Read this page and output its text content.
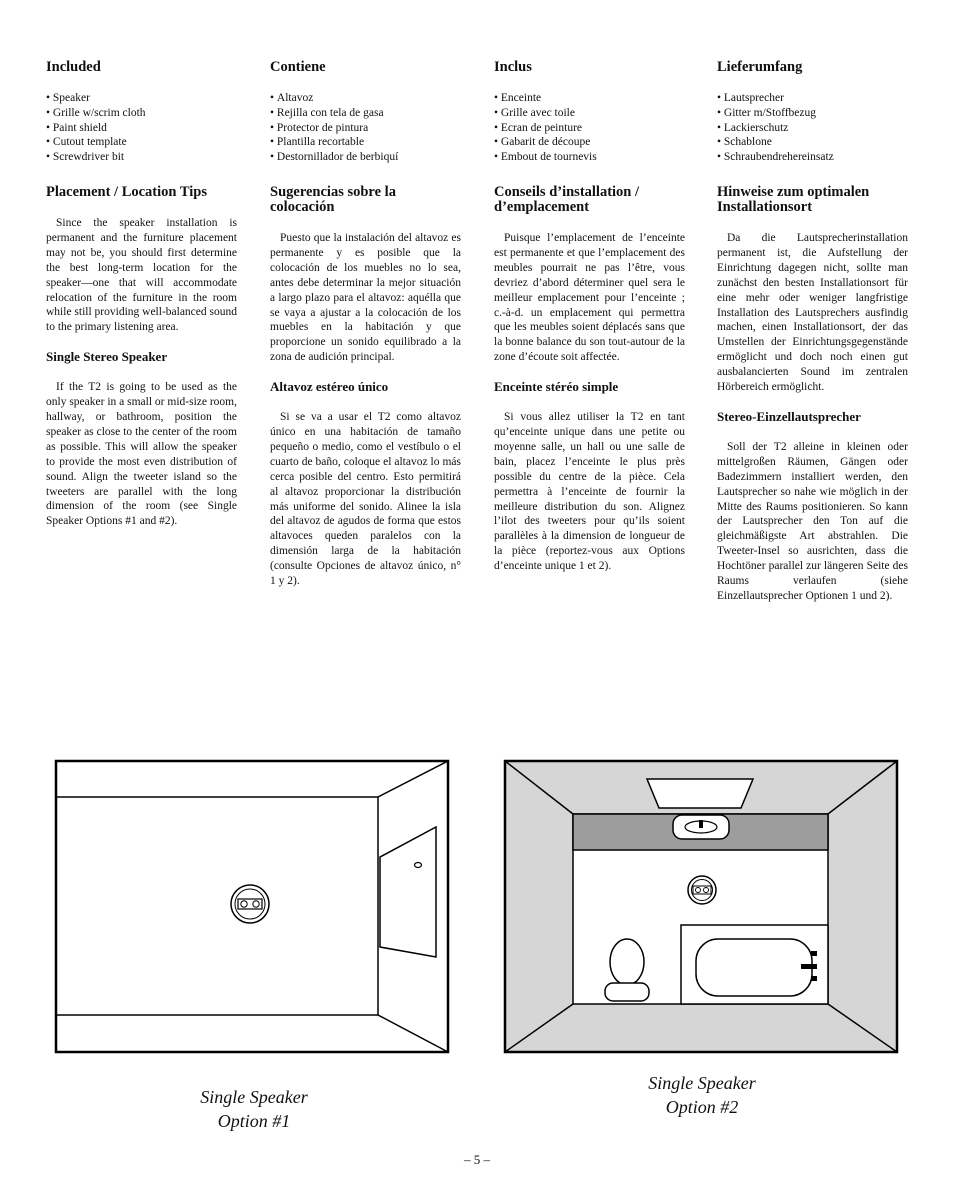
Included
• Speaker
• Grille w/scrim cloth
• Paint shield
• Cutout template
• Screwdriver bit
Placement / Location Tips

Since the speaker installation is permanent and the furniture placement may not be, you should first determine the best long-term location for the speaker—one that will accommodate relocation of the furniture in the room while still providing well-balanced sound to the primary listening area.

Single Stereo Speaker

If the T2 is going to be used as the only speaker in a small or mid-size room, hallway, or bathroom, position the speaker as close to the center of the room as possible. This will allow the speaker to provide the most even distribution of sound. Align the tweeter island so the tweeters are parallel with the long dimension of the room (see Single Speaker Options #1 and #2).

Contiene
• Altavoz
• Rejilla con tela de gasa
• Protector de pintura
• Plantilla recortable
• Destornillador de berbiquí
Sugerencias sobre la colocación

Puesto que la instalación del altavoz es permanente y es posible que la colocación de los muebles no lo sea, antes debe determinar la mejor situación a largo plazo para el altavoz: aquélla que se vaya a ajustar a la colocación de los muebles en la habitación y que proporcione un sonido equilibrado a la zona de audición principal.

Altavoz estéreo único

Si se va a usar el T2 como altavoz único en una habitación de tamaño pequeño o medio, como el vestíbulo o el cuarto de baño, coloque el altavoz lo más cerca posible del centro. Esto permitirá al altavoz proporcionar la distribución más uniforme del sonido. Alinee la isla del altavoz de agudos de forma que estos altavoces queden paralelos con la dimensión larga de la habitación (consulte Opciones de altavoz único, n° 1 y 2).

Inclus
• Enceinte
• Grille avec toile
• Ecran de peinture
• Gabarit de découpe
• Embout de tournevis
Conseils d’installation / d’emplacement

Puisque l’emplacement de l’enceinte est permanente et que l’emplacement des meubles pourrait ne pas l’être, vous devriez d’abord déterminer quel sera le meilleur emplacement pour l’enceinte ; c.-à-d. un emplacement qui permettra que les meubles soient déplacés sans que la bonne balance du son tout-autour de la zone d’écoute soit affectée.

Enceinte stéréo simple

Si vous allez utiliser la T2 en tant qu’enceinte unique dans une petite ou moyenne salle, un hall ou une salle de bain, placez l’enceinte le plus près possible du centre de la pièce. Cela permettra à l’enceinte de fournir la meilleure distribution du son. Alignez l’ilot des tweeters pour qu’ils soient parallèles à la dimension de longueur de la pièce (reportez-vous aux Options d’enceinte unique 1 et 2).

Lieferumfang
• Lautsprecher
• Gitter m/Stoffbezug
• Lackierschutz
• Schablone
• Schraubendrehereinsatz
Hinweise zum optimalen Installationsort

Da die Lautsprecherinstallation permanent ist, die Aufstellung der Einrichtung dagegen nicht, sollte man zunächst den besten Installationsort für eine mehr oder weniger langfristige Installation des Lautsprechers ausfindig machen, einen Installationsort, der das Umstellen der Einrichtungsgegenstände ermöglicht und doch noch einen gut ausbalancierten Sound im zentralen Hörbereich ermöglicht.

Stereo-Einzellautsprecher

Soll der T2 alleine in kleinen oder mittelgroßen Räumen, Gängen oder Badezimmern installiert werden, den Lautsprecher so nahe wie möglich in der Mitte des Raums positionieren. So kann der Lautsprecher den Ton auf die gleichmäßigste Art abstrahlen. Die Tweeter-Insel so ausrichten, dass die Hochtöner parallel zur längeren Seite des Raums verlaufen (siehe Einzellautsprecher Optionen 1 und 2).

Single Speaker
Option #1
Single Speaker
Option #2
– 5 –
